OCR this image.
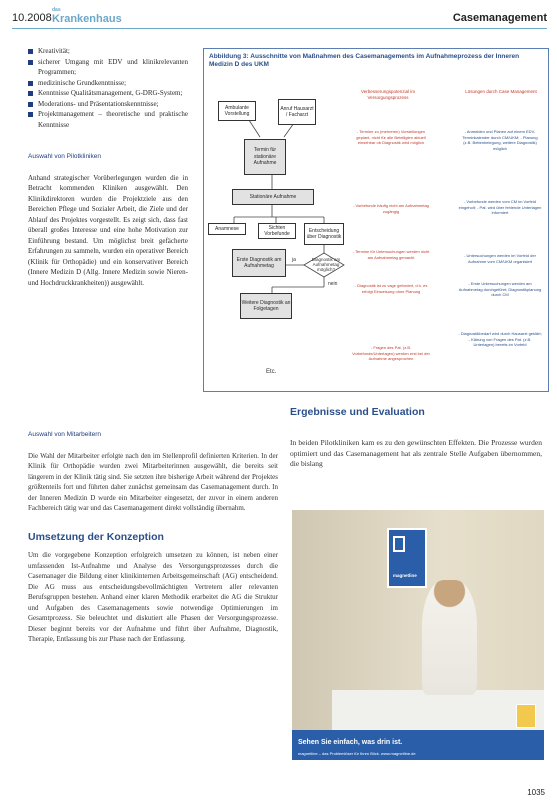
10.2008
das
Krankenhaus	Casemanagement
Kreativität;
sicherer Umgang mit EDV und klinikrelevanten Programmen;
medizinische Grundkenntnisse;
Kenntnisse Qualitätsmanagement, G-DRG-System;
Moderations- und Präsentationskenntnisse;
Projektmanagement – theoretische und praktische Kenntnisse
Auswahl von Pilotkliniken

Anhand strategischer Vorüberlegungen wurden die in Betracht kommenden Kliniken ausgewählt. Den Klinikdirektoren wurden die Projektziele aus den Bereichen Pflege und Sozialer Arbeit, die Ziele und der Ablauf des Projektes vorgestellt. Es zeigt sich, dass fast überall großes Interesse und eine hohe Motivation zur Einführung bestand. Um möglichst breit gefächerte Erfahrungen zu sammeln, wurden ein operativer Bereich (Klinik für Orthopädie) und ein konservativer Bereich (Innere Medizin D (Allg. Innere Medizin sowie Nieren- und Hochdruckkrankheiten)) ausgewählt.

Abbildung 3: Ausschnitte von Maßnahmen des Casemanagements im Aufnahmeprozess der Inneren Medizin D des UKM
Verbesserungspotenzial im Versorgungsprozess
Lösungen durch Case Management
Ambulante Vorstellung
Anruf Hausarzt / Facharzt
Termin für stationäre Aufnahme
Stationäre Aufnahme
Anamnese	Sichten Vorbefunde
Entscheidung über Diagnostik
Erste Diagnostik am Aufnahmetag
Diagnostik am Aufnahmetag möglich?
ja
nein
Weitere Diagnostik an Folgetagen
Etc.
- Termine zu (mehreren) Vorstellungen geplant, nicht für alle Beteiligten aktuell einsehbar ob Diagnostik wird möglich
- Vorbefunde häufig nicht am Aufnahmetag zugängig
- Termine für Untersuchungen werden nicht am Aufnahmetag gemacht
- Diagnostik ist zu vage gefordert, d.h. es erfolgt Einweisung ohne Planung
- Fragen des Pat. (z.B. Vorbefunde/Unterlagen) werden erst bei der Aufnahme angesprochen
- Anmelden und Planen auf einem EDV-Terminkalender durch CM/UKM; - Planung (z.B. Bettenbelegung, weitere Diagnostik) möglich
- Vorbefunde werden vom CM im Vorfeld eingeholt; - Pat. wird über fehlende Unterlagen informiert
- Untersuchungen werden im Vorfeld der Aufnahme vom CM/UKM organisiert
- Erste Untersuchungen werden am Aufnahmetag durchgeführt; Diagnostikplanung durch CM
- Diagnostikbedarf wird durch Hausarzt geklärt; - Klärung von Fragen des Pat. (z.B. Unterlagen) bereits im Vorfeld
Ergebnisse und Evaluation

In beiden Pilotkliniken kam es zu den gewünschten Effekten. Die Prozesse wurden optimiert und das Casemanagement hat als zentrale Stelle Aufgaben übernommen, die bislang

Auswahl von Mitarbeitern

Die Wahl der Mitarbeiter erfolgte nach den im Stellenprofil definierten Kriterien. In der Klinik für Orthopädie wurden zwei Mitarbeiterinnen ausgewählt, die bereits seit längerem in der Klinik tätig sind. Sie setzten ihre bisherige Arbeit während der Projektes größtenteils fort und führten daher zunächst gemeinsam das Casemanagement durch. In der Inneren Medizin D wurde ein Mitarbeiter eingesetzt, der zuvor in einem anderen Fachbereich tätig war und das Casemanagement direkt vollständig übernahm.

Umsetzung der Konzeption

Um die vorgegebene Konzeption erfolgreich umsetzen zu können, ist neben einer umfassenden Ist-Aufnahme und Analyse des Versorgungsprozesses durch die Casemanager die Bildung einer klinikinternen Arbeitsgemeinschaft (AG) entscheidend. Die AG muss aus entscheidungsbevollmächtigten Vertretern aller relevanten Berufsgruppen bestehen. Anhand einer klaren Methodik erarbeitet die AG die Struktur und Aufgaben des Casemanagements sowie notwendige Optimierungen im Gesamtprozess. Sie beleuchtet und diskutiert alle Phasen der Versorgungsprozesse. Dieser beginnt bereits vor der Aufnahme und führt über Aufnahme, Diagnostik, Therapie, Entlassung bis zur Phase nach der Entlassung.

magnetline
Sehen Sie einfach, was drin ist.
magnetline – das Problemlöser für Ihren Blick. www.magnetline.de
1035
